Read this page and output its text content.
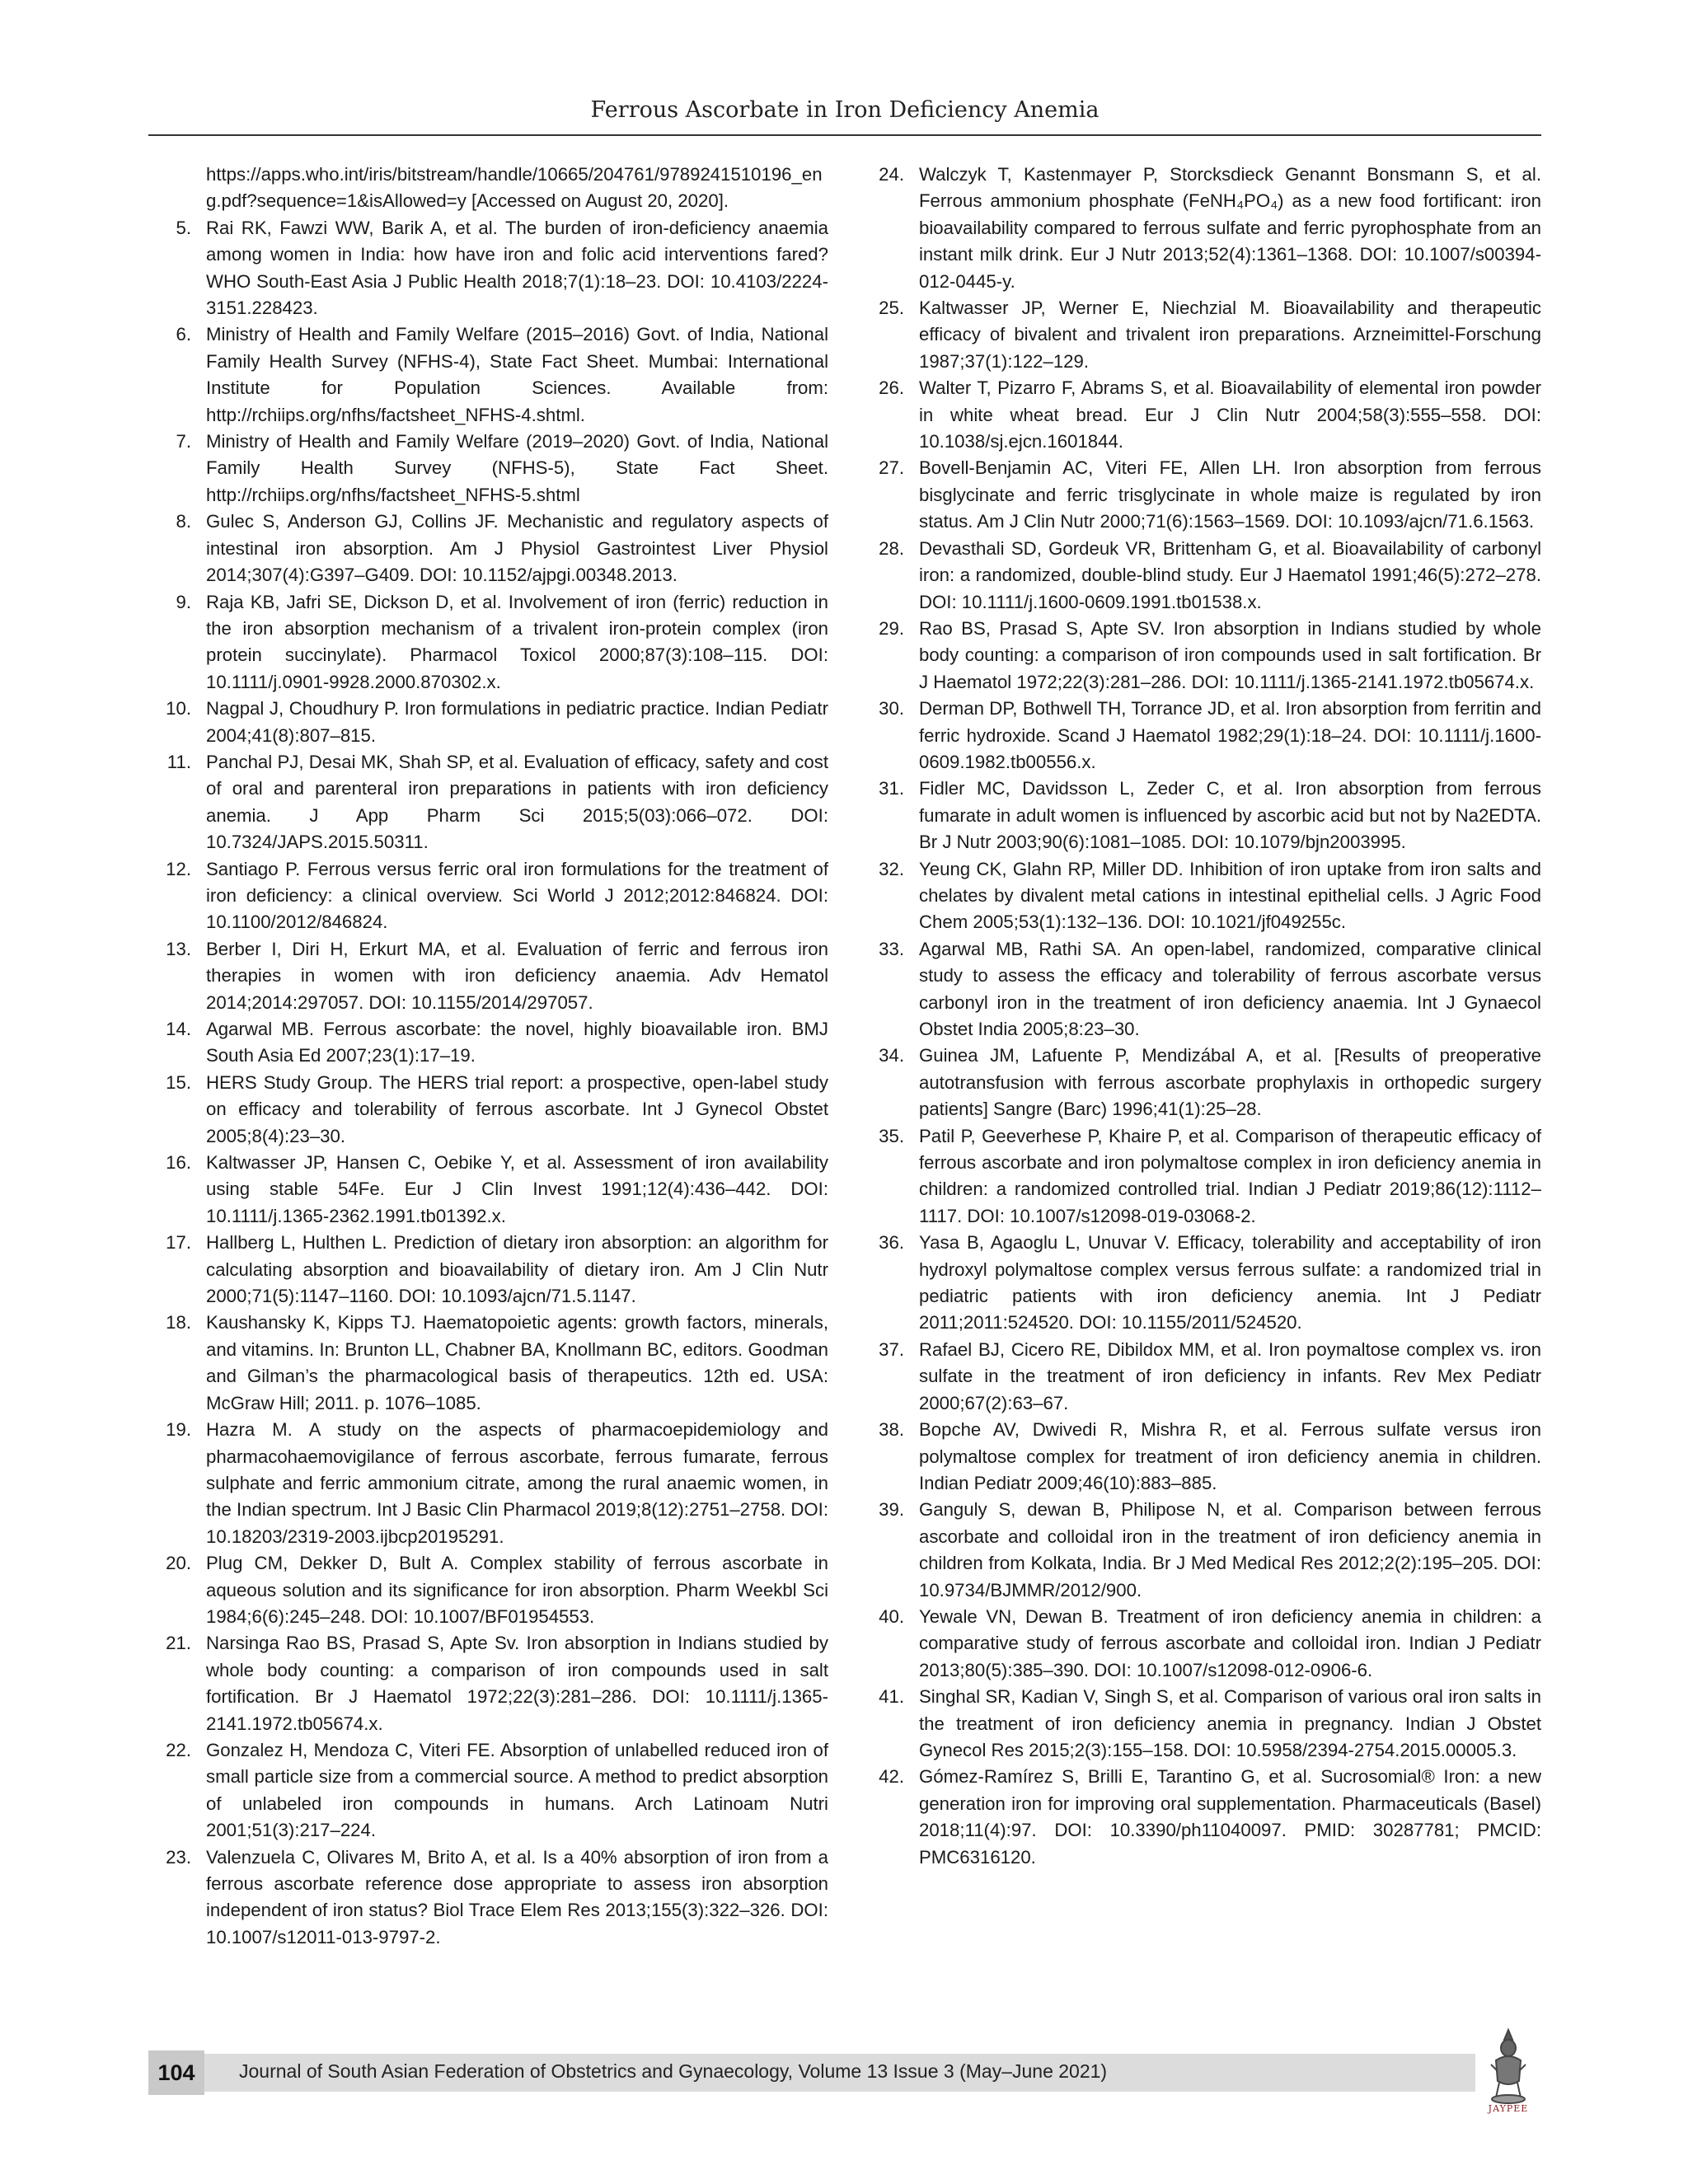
Ferrous Ascorbate in Iron Deficiency Anemia
https://apps.who.int/iris/bitstream/handle/10665/204761/9789241510196_eng.pdf?sequence=1&isAllowed=y [Accessed on August 20, 2020].
5. Rai RK, Fawzi WW, Barik A, et al. The burden of iron-deficiency anaemia among women in India: how have iron and folic acid interventions fared? WHO South-East Asia J Public Health 2018;7(1):18–23. DOI: 10.4103/2224-3151.228423.
6. Ministry of Health and Family Welfare (2015–2016) Govt. of India, National Family Health Survey (NFHS-4), State Fact Sheet. Mumbai: International Institute for Population Sciences. Available from: http://rchiips.org/nfhs/factsheet_NFHS-4.shtml.
7. Ministry of Health and Family Welfare (2019–2020) Govt. of India, National Family Health Survey (NFHS-5), State Fact Sheet. http://rchiips.org/nfhs/factsheet_NFHS-5.shtml
8. Gulec S, Anderson GJ, Collins JF. Mechanistic and regulatory aspects of intestinal iron absorption. Am J Physiol Gastrointest Liver Physiol 2014;307(4):G397–G409. DOI: 10.1152/ajpgi.00348.2013.
9. Raja KB, Jafri SE, Dickson D, et al. Involvement of iron (ferric) reduction in the iron absorption mechanism of a trivalent iron-protein complex (iron protein succinylate). Pharmacol Toxicol 2000;87(3):108–115. DOI: 10.1111/j.0901-9928.2000.870302.x.
10. Nagpal J, Choudhury P. Iron formulations in pediatric practice. Indian Pediatr 2004;41(8):807–815.
11. Panchal PJ, Desai MK, Shah SP, et al. Evaluation of efficacy, safety and cost of oral and parenteral iron preparations in patients with iron deficiency anemia. J App Pharm Sci 2015;5(03):066–072. DOI: 10.7324/JAPS.2015.50311.
12. Santiago P. Ferrous versus ferric oral iron formulations for the treatment of iron deficiency: a clinical overview. Sci World J 2012;2012:846824. DOI: 10.1100/2012/846824.
13. Berber I, Diri H, Erkurt MA, et al. Evaluation of ferric and ferrous iron therapies in women with iron deficiency anaemia. Adv Hematol 2014;2014:297057. DOI: 10.1155/2014/297057.
14. Agarwal MB. Ferrous ascorbate: the novel, highly bioavailable iron. BMJ South Asia Ed 2007;23(1):17–19.
15. HERS Study Group. The HERS trial report: a prospective, open-label study on efficacy and tolerability of ferrous ascorbate. Int J Gynecol Obstet 2005;8(4):23–30.
16. Kaltwasser JP, Hansen C, Oebike Y, et al. Assessment of iron availability using stable 54Fe. Eur J Clin Invest 1991;12(4):436–442. DOI: 10.1111/j.1365-2362.1991.tb01392.x.
17. Hallberg L, Hulthen L. Prediction of dietary iron absorption: an algorithm for calculating absorption and bioavailability of dietary iron. Am J Clin Nutr 2000;71(5):1147–1160. DOI: 10.1093/ajcn/71.5.1147.
18. Kaushansky K, Kipps TJ. Haematopoietic agents: growth factors, minerals, and vitamins. In: Brunton LL, Chabner BA, Knollmann BC, editors. Goodman and Gilman’s the pharmacological basis of therapeutics. 12th ed. USA: McGraw Hill; 2011. p. 1076–1085.
19. Hazra M. A study on the aspects of pharmacoepidemiology and pharmacohaemovigilance of ferrous ascorbate, ferrous fumarate, ferrous sulphate and ferric ammonium citrate, among the rural anaemic women, in the Indian spectrum. Int J Basic Clin Pharmacol 2019;8(12):2751–2758. DOI: 10.18203/2319-2003.ijbcp20195291.
20. Plug CM, Dekker D, Bult A. Complex stability of ferrous ascorbate in aqueous solution and its significance for iron absorption. Pharm Weekbl Sci 1984;6(6):245–248. DOI: 10.1007/BF01954553.
21. Narsinga Rao BS, Prasad S, Apte Sv. Iron absorption in Indians studied by whole body counting: a comparison of iron compounds used in salt fortification. Br J Haematol 1972;22(3):281–286. DOI: 10.1111/j.1365-2141.1972.tb05674.x.
22. Gonzalez H, Mendoza C, Viteri FE. Absorption of unlabelled reduced iron of small particle size from a commercial source. A method to predict absorption of unlabeled iron compounds in humans. Arch Latinoam Nutri 2001;51(3):217–224.
23. Valenzuela C, Olivares M, Brito A, et al. Is a 40% absorption of iron from a ferrous ascorbate reference dose appropriate to assess iron absorption independent of iron status? Biol Trace Elem Res 2013;155(3):322–326. DOI: 10.1007/s12011-013-9797-2.
24. Walczyk T, Kastenmayer P, Storcksdieck Genannt Bonsmann S, et al. Ferrous ammonium phosphate (FeNH₄PO₄) as a new food fortificant: iron bioavailability compared to ferrous sulfate and ferric pyrophosphate from an instant milk drink. Eur J Nutr 2013;52(4):1361–1368. DOI: 10.1007/s00394-012-0445-y.
25. Kaltwasser JP, Werner E, Niechzial M. Bioavailability and therapeutic efficacy of bivalent and trivalent iron preparations. Arzneimittel-Forschung 1987;37(1):122–129.
26. Walter T, Pizarro F, Abrams S, et al. Bioavailability of elemental iron powder in white wheat bread. Eur J Clin Nutr 2004;58(3):555–558. DOI: 10.1038/sj.ejcn.1601844.
27. Bovell-Benjamin AC, Viteri FE, Allen LH. Iron absorption from ferrous bisglycinate and ferric trisglycinate in whole maize is regulated by iron status. Am J Clin Nutr 2000;71(6):1563–1569. DOI: 10.1093/ajcn/71.6.1563.
28. Devasthali SD, Gordeuk VR, Brittenham G, et al. Bioavailability of carbonyl iron: a randomized, double-blind study. Eur J Haematol 1991;46(5):272–278. DOI: 10.1111/j.1600-0609.1991.tb01538.x.
29. Rao BS, Prasad S, Apte SV. Iron absorption in Indians studied by whole body counting: a comparison of iron compounds used in salt fortification. Br J Haematol 1972;22(3):281–286. DOI: 10.1111/j.1365-2141.1972.tb05674.x.
30. Derman DP, Bothwell TH, Torrance JD, et al. Iron absorption from ferritin and ferric hydroxide. Scand J Haematol 1982;29(1):18–24. DOI: 10.1111/j.1600-0609.1982.tb00556.x.
31. Fidler MC, Davidsson L, Zeder C, et al. Iron absorption from ferrous fumarate in adult women is influenced by ascorbic acid but not by Na2EDTA. Br J Nutr 2003;90(6):1081–1085. DOI: 10.1079/bjn2003995.
32. Yeung CK, Glahn RP, Miller DD. Inhibition of iron uptake from iron salts and chelates by divalent metal cations in intestinal epithelial cells. J Agric Food Chem 2005;53(1):132–136. DOI: 10.1021/jf049255c.
33. Agarwal MB, Rathi SA. An open-label, randomized, comparative clinical study to assess the efficacy and tolerability of ferrous ascorbate versus carbonyl iron in the treatment of iron deficiency anaemia. Int J Gynaecol Obstet India 2005;8:23–30.
34. Guinea JM, Lafuente P, Mendizábal A, et al. [Results of preoperative autotransfusion with ferrous ascorbate prophylaxis in orthopedic surgery patients] Sangre (Barc) 1996;41(1):25–28.
35. Patil P, Geeverhese P, Khaire P, et al. Comparison of therapeutic efficacy of ferrous ascorbate and iron polymaltose complex in iron deficiency anemia in children: a randomized controlled trial. Indian J Pediatr 2019;86(12):1112–1117. DOI: 10.1007/s12098-019-03068-2.
36. Yasa B, Agaoglu L, Unuvar V. Efficacy, tolerability and acceptability of iron hydroxyl polymaltose complex versus ferrous sulfate: a randomized trial in pediatric patients with iron deficiency anemia. Int J Pediatr 2011;2011:524520. DOI: 10.1155/2011/524520.
37. Rafael BJ, Cicero RE, Dibildox MM, et al. Iron poymaltose complex vs. iron sulfate in the treatment of iron deficiency in infants. Rev Mex Pediatr 2000;67(2):63–67.
38. Bopche AV, Dwivedi R, Mishra R, et al. Ferrous sulfate versus iron polymaltose complex for treatment of iron deficiency anemia in children. Indian Pediatr 2009;46(10):883–885.
39. Ganguly S, dewan B, Philipose N, et al. Comparison between ferrous ascorbate and colloidal iron in the treatment of iron deficiency anemia in children from Kolkata, India. Br J Med Medical Res 2012;2(2):195–205. DOI: 10.9734/BJMMR/2012/900.
40. Yewale VN, Dewan B. Treatment of iron deficiency anemia in children: a comparative study of ferrous ascorbate and colloidal iron. Indian J Pediatr 2013;80(5):385–390. DOI: 10.1007/s12098-012-0906-6.
41. Singhal SR, Kadian V, Singh S, et al. Comparison of various oral iron salts in the treatment of iron deficiency anemia in pregnancy. Indian J Obstet Gynecol Res 2015;2(3):155–158. DOI: 10.5958/2394-2754.2015.00005.3.
42. Gómez-Ramírez S, Brilli E, Tarantino G, et al. Sucrosomial® Iron: a new generation iron for improving oral supplementation. Pharmaceuticals (Basel) 2018;11(4):97. DOI: 10.3390/ph11040097. PMID: 30287781; PMCID: PMC6316120.
104	Journal of South Asian Federation of Obstetrics and Gynaecology, Volume 13 Issue 3 (May–June 2021)
JAYPEE
